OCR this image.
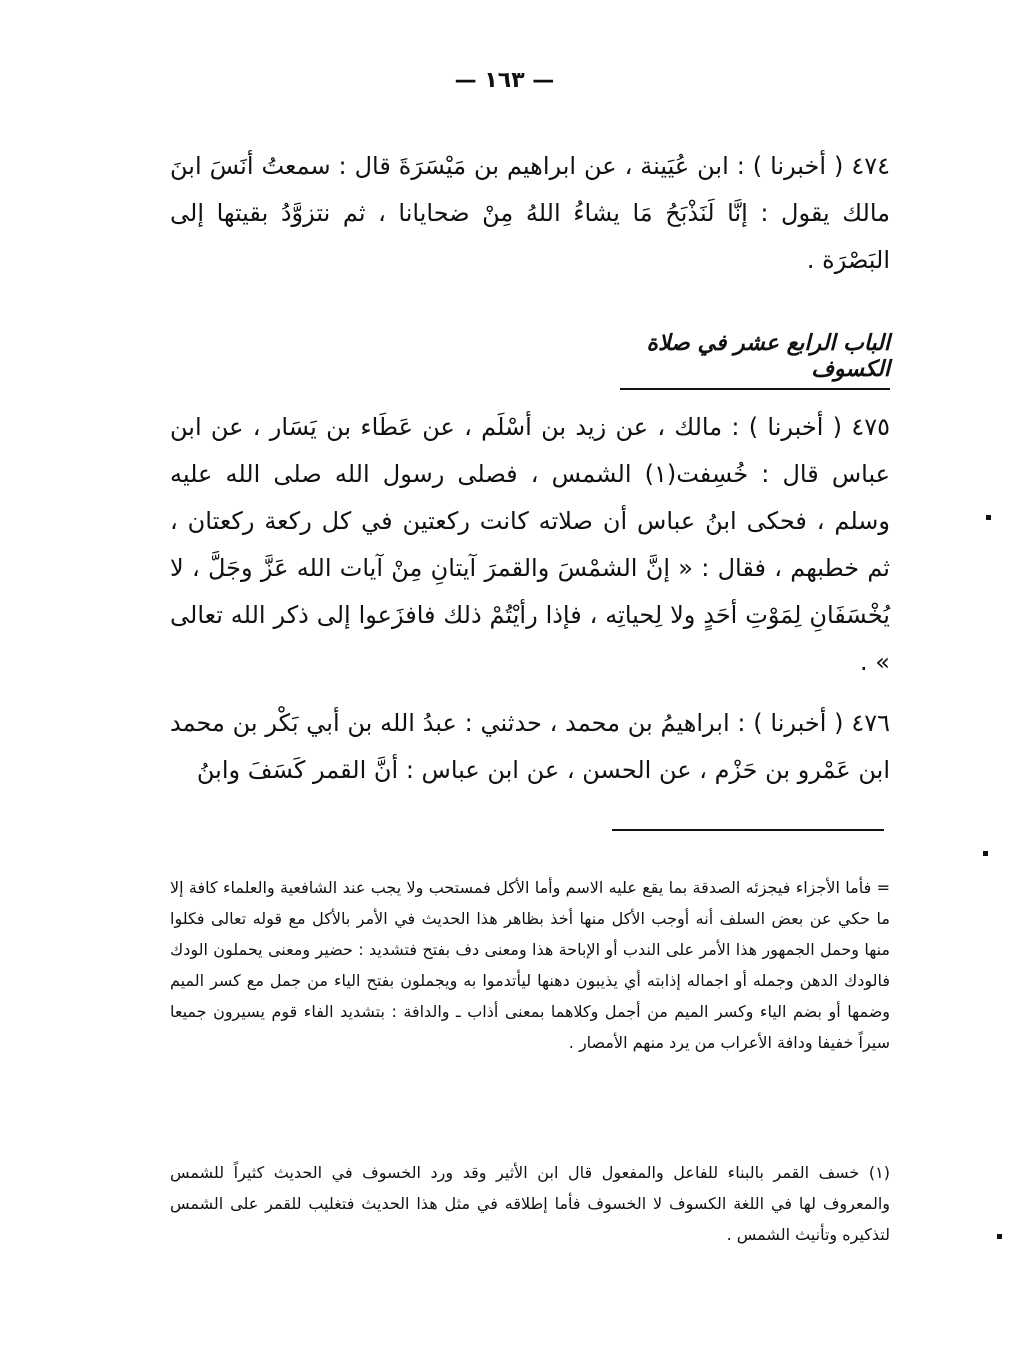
— ١٦٣ —
٤٧٤ ( أخبرنا ) : ابن عُيَينة ، عن ابراهيم بن مَيْسَرَةَ قال : سمعتُ أنَسَ ابنَ مالك يقول : إنَّا لَنَذْبَحُ مَا يشاءُ اللهُ مِنْ ضحايانا ، ثم نتزوَّدُ بقيتها إلى البَصْرَة .
الباب الرابع عشر في صلاة الكسوف
٤٧٥ ( أخبرنا ) : مالك ، عن زيد بن أسْلَم ، عن عَطَاء بن يَسَار ، عن ابن عباس قال : خُسِفت(١) الشمس ، فصلى رسول الله صلى الله عليه وسلم ، فحكى ابنُ عباس أن صلاته كانت ركعتين في كل ركعة ركعتان ، ثم خطبهم ، فقال : « إنَّ الشمْسَ والقمرَ آيتانِ مِنْ آيات الله عَزَّ وجَلَّ ، لا يُخْسَفَانِ لِمَوْتِ أحَدٍ ولا لِحياتِه ، فإذا رأيْتُمْ ذلك فافزَعوا إلى ذكر الله تعالى » .
٤٧٦ ( أخبرنا ) : ابراهيمُ بن محمد ، حدثني : عبدُ الله بن أبي بَكْر بن محمد ابن عَمْرو بن حَزْم ، عن الحسن ، عن ابن عباس : أنَّ القمر كَسَفَ وابنُ
= فأما الأجزاء فيجزئه الصدقة بما يقع عليه الاسم وأما الأكل فمستحب ولا يجب عند الشافعية والعلماء كافة إلا ما حكي عن بعض السلف أنه أوجب الأكل منها أخذ بظاهر هذا الحديث في الأمر بالأكل مع قوله تعالى فكلوا منها وحمل الجمهور هذا الأمر على الندب أو الإباحة هذا ومعنى دف بفتح فتشديد : حضير ومعنى يحملون الودك فالودك الدهن وجمله أو اجماله إذابته أي يذيبون دهنها ليأتدموا به ويجملون بفتح الياء من جمل مع كسر الميم وضمها أو بضم الياء وكسر الميم من أجمل وكلاهما بمعنى أذاب ـ والدافة : بتشديد الفاء قوم يسيرون جميعا سيراً خفيفا ودافة الأعراب من يرد منهم الأمصار .
(١) خسف القمر بالبناء للفاعل والمفعول قال ابن الأثير وقد ورد الخسوف في الحديث كثيراً للشمس والمعروف لها في اللغة الكسوف لا الخسوف فأما إطلاقه في مثل هذا الحديث فتغليب للقمر على الشمس لتذكيره وتأنيث الشمس .
